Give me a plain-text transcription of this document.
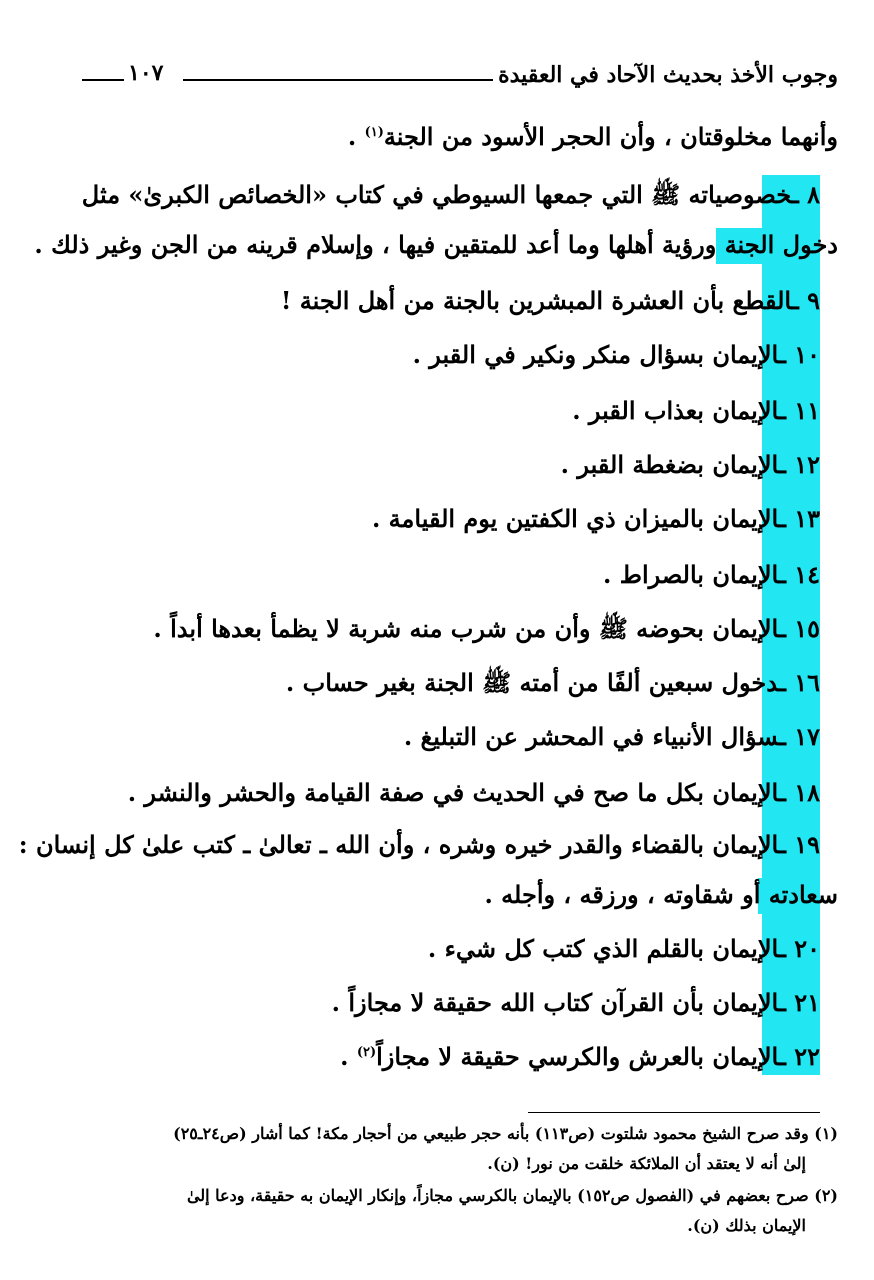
وجوب الأخذ بحديث الآحاد في العقيدة
١٠٧
وأنهما مخلوقتان ، وأن الحجر الأسود من الجنة$^{(١)}$ .
٨ ـخصوصياته ﷺ التي جمعها السيوطي في كتاب «الخصائص الكبرىٰ» مثل
دخول الجنة ورؤية أهلها وما أعد للمتقين فيها ، وإسلام قرينه من الجن وغير ذلك .
٩ ـالقطع بأن العشرة المبشرين بالجنة من أهل الجنة !
١٠ ـالإيمان بسؤال منكر ونكير في القبر .
١١ ـالإيمان بعذاب القبر .
١٢ ـالإيمان بضغطة القبر .
١٣ ـالإيمان بالميزان ذي الكفتين يوم القيامة .
١٤ ـالإيمان بالصراط .
١٥ ـالإيمان بحوضه ﷺ وأن من شرب منه شربة لا يظمأ بعدها أبداً .
١٦ ـدخول سبعين ألفًا من أمته ﷺ الجنة بغير حساب .
١٧ ـسؤال الأنبياء في المحشر عن التبليغ .
١٨ ـالإيمان بكل ما صح في الحديث في صفة القيامة والحشر والنشر .
١٩ ـالإيمان بالقضاء والقدر خيره وشره ، وأن الله ـ تعالىٰ ـ كتب علىٰ كل إنسان :
سعادته أو شقاوته ، ورزقه ، وأجله .
٢٠ ـالإيمان بالقلم الذي كتب كل شيء .
٢١ ـالإيمان بأن القرآن كتاب الله حقيقة لا مجازاً .
٢٢ ـالإيمان بالعرش والكرسي حقيقة لا مجازاً$^{(٢)}$ .
(١) وقد صرح الشيخ محمود شلتوت (ص١١٣) بأنه حجر طبيعي من أحجار مكة! كما أشار (ص٢٤ـ٢٥)
إلىٰ أنه لا يعتقد أن الملائكة خلقت من نور! (ن).
(٢) صرح بعضهم في (الفصول ص١٥٢) بالإيمان بالكرسي مجازاً، وإنكار الإيمان به حقيقة، ودعا إلىٰ
الإيمان بذلك (ن).
